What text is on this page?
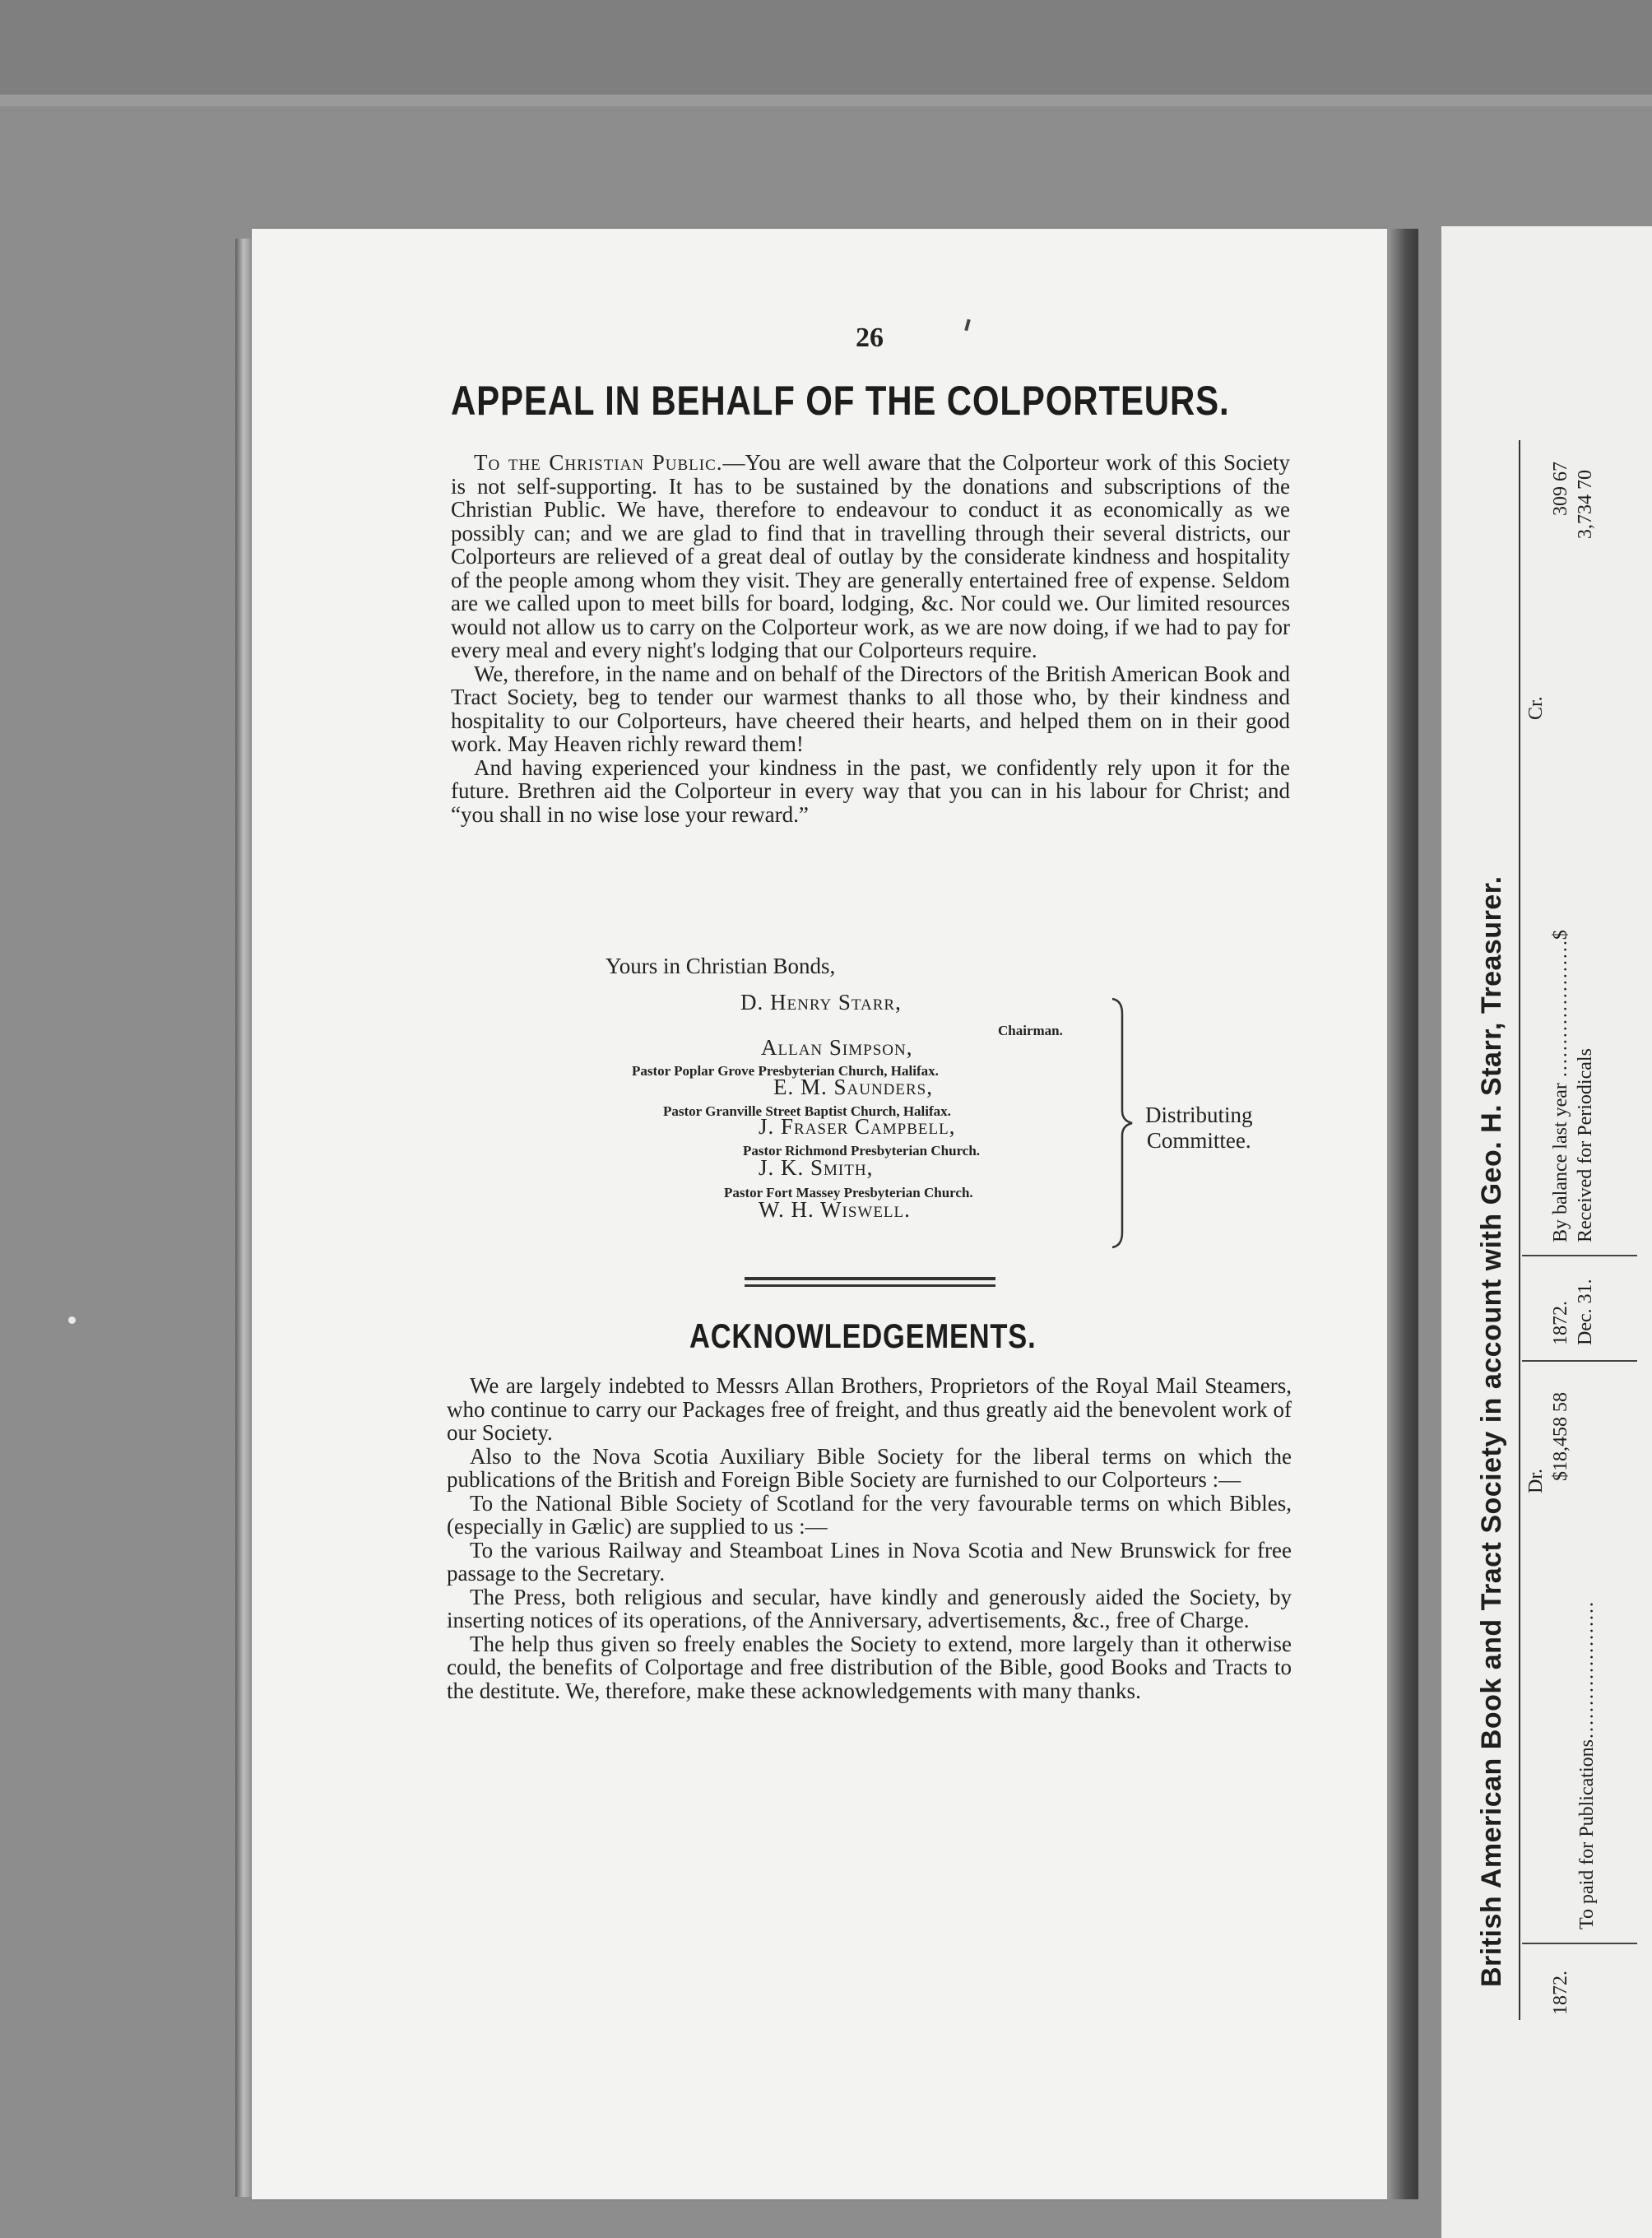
26
APPEAL IN BEHALF OF THE COLPORTEURS.

To the Christian Public.—You are well aware that the Colporteur work of this Society is not self-supporting. It has to be sustained by the donations and subscriptions of the Christian Public. We have, therefore to endeavour to conduct it as economically as we possibly can; and we are glad to find that in travelling through their several districts, our Colporteurs are relieved of a great deal of outlay by the considerate kindness and hospitality of the people among whom they visit. They are generally entertained free of expense. Seldom are we called upon to meet bills for board, lodging, &c. Nor could we. Our limited resources would not allow us to carry on the Colporteur work, as we are now doing, if we had to pay for every meal and every night's lodging that our Colporteurs require.

We, therefore, in the name and on behalf of the Directors of the British American Book and Tract Society, beg to tender our warmest thanks to all those who, by their kindness and hospitality to our Colporteurs, have cheered their hearts, and helped them on in their good work. May Heaven richly reward them!

And having experienced your kindness in the past, we confidently rely upon it for the future. Brethren aid the Colporteur in every way that you can in his labour for Christ; and “you shall in no wise lose your reward.”

Yours in Christian Bonds,
D. Henry Starr,
Chairman.
Allan Simpson,
Pastor Poplar Grove Presbyterian Church, Halifax.
E. M. Saunders,
Pastor Granville Street Baptist Church, Halifax.
J. Fraser Campbell,
Pastor Richmond Presbyterian Church.
J. K. Smith,
Pastor Fort Massey Presbyterian Church.
W. H. Wiswell.
Distributing
Committee.
ACKNOWLEDGEMENTS.

We are largely indebted to Messrs Allan Brothers, Proprietors of the Royal Mail Steamers, who continue to carry our Packages free of freight, and thus greatly aid the benevolent work of our Society.

Also to the Nova Scotia Auxiliary Bible Society for the liberal terms on which the publications of the British and Foreign Bible Society are furnished to our Colporteurs :—

To the National Bible Society of Scotland for the very favourable terms on which Bibles, (especially in Gælic) are supplied to us :—

To the various Railway and Steamboat Lines in Nova Scotia and New Brunswick for free passage to the Secretary.

The Press, both religious and secular, have kindly and generously aided the Society, by inserting notices of its operations, of the Anniversary, advertisements, &c., free of Charge.

The help thus given so freely enables the Society to extend, more largely than it otherwise could, the benefits of Colportage and free distribution of the Bible, good Books and Tracts to the destitute. We, therefore, make these acknowledgements with many thanks.	British American Book and Tract Society in account with Geo. H. Starr, Treasurer. Dr.
Cr.
1872.
To paid for Publications…………………
$18,458 58
1872. Dec. 31.
By balance last year …………………$
309 67
Received for Periodicals
3,734 70
